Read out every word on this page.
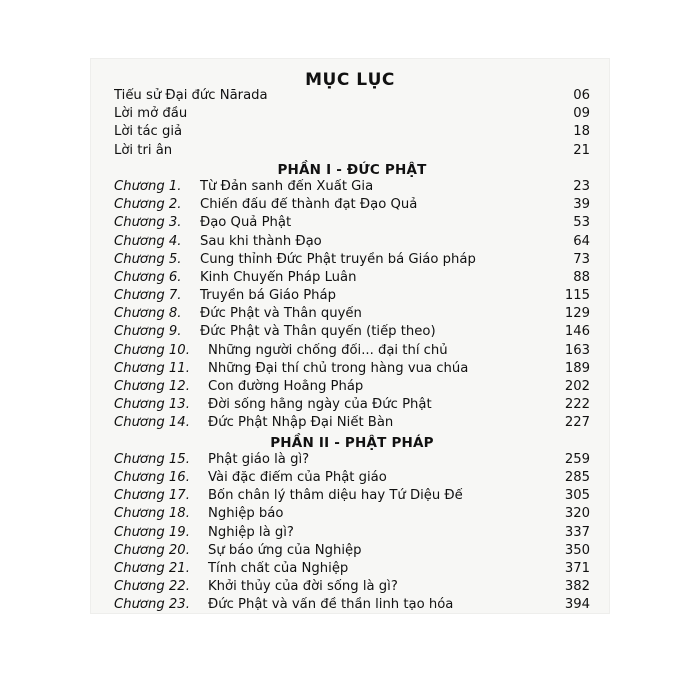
MỤC LỤC
Tiểu sử Đại đức Nārada	06
Lời mở đầu	09
Lời tác giả	18
Lời tri ân	21
PHẦN I - ĐỨC PHẬT
Chương 1. Từ Đản sanh đến Xuất Gia	23
Chương 2. Chiến đấu để thành đạt Đạo Quả	39
Chương 3. Đạo Quả Phật	53
Chương 4. Sau khi thành Đạo	64
Chương 5. Cung thỉnh Đức Phật truyền bá Giáo pháp	73
Chương 6. Kinh Chuyển Pháp Luân	88
Chương 7. Truyền bá Giáo Pháp	115
Chương 8. Đức Phật và Thân quyến	129
Chương 9. Đức Phật và Thân quyến (tiếp theo)	146
Chương 10. Những người chống đối... đại thí chủ	163
Chương 11. Những Đại thí chủ trong hàng vua chúa	189
Chương 12. Con đường Hoằng Pháp	202
Chương 13. Đời sống hằng ngày của Đức Phật	222
Chương 14. Đức Phật Nhập Đại Niết Bàn	227
PHẦN II - PHẬT PHÁP
Chương 15. Phật giáo là gì?	259
Chương 16. Vài đặc điểm của Phật giáo	285
Chương 17. Bốn chân lý thâm diệu hay Tứ Diệu Đế	305
Chương 18. Nghiệp báo	320
Chương 19. Nghiệp là gì?	337
Chương 20. Sự báo ứng của Nghiệp	350
Chương 21. Tính chất của Nghiệp	371
Chương 22. Khởi thủy của đời sống là gì?	382
Chương 23. Đức Phật và vấn đề thần linh tạo hóa	394
